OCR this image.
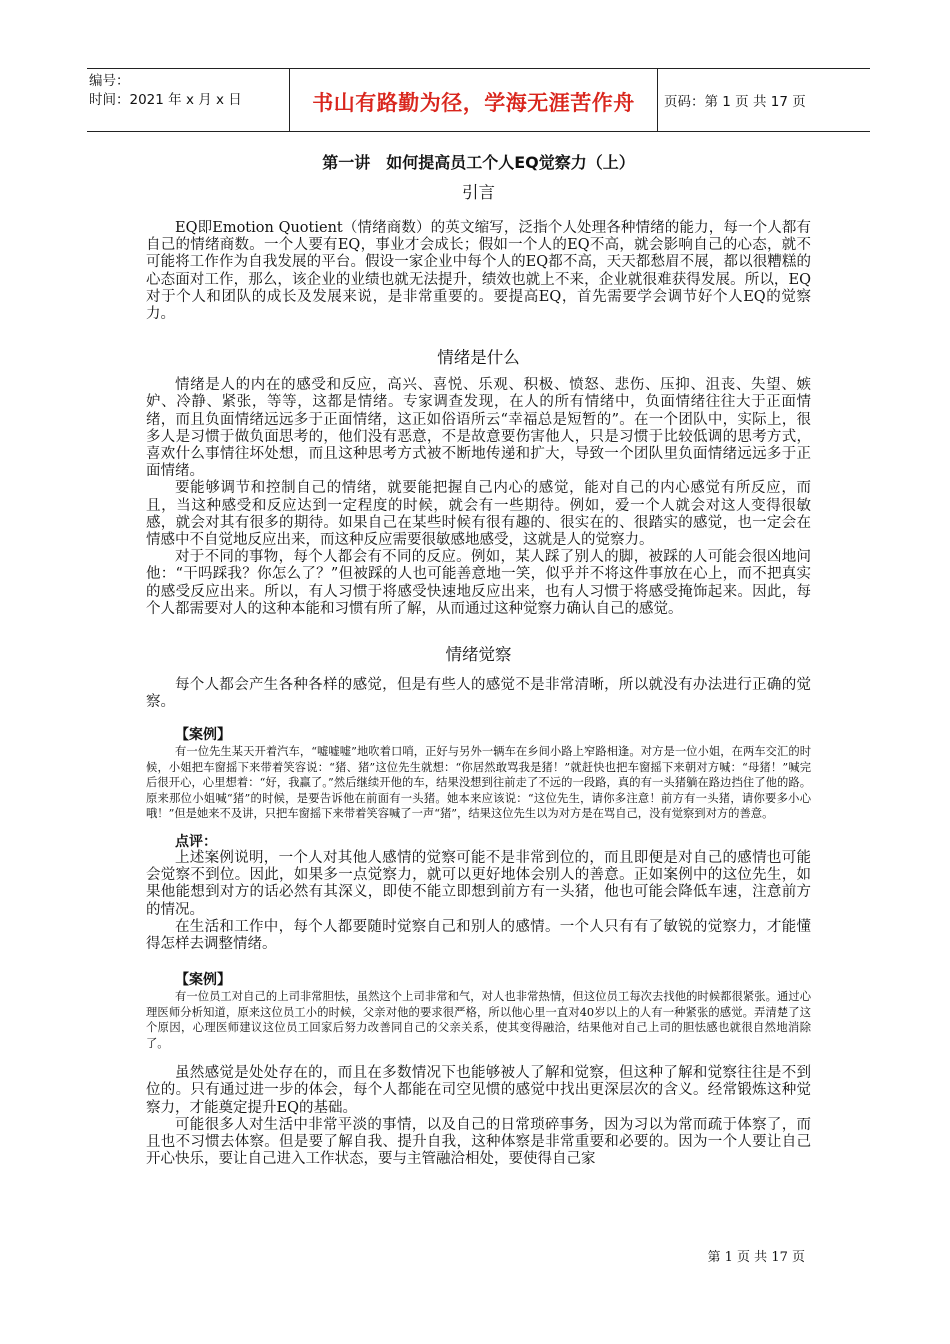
编号：
时间：2021 年 x 月 x 日	书山有路勤为径，学海无涯苦作舟	页码：第 1 页 共 17 页
第一讲　如何提高员工个人EQ觉察力（上）
引言

EQ即Emotion Quotient（情绪商数）的英文缩写，泛指个人处理各种情绪的能力，每一个人都有自己的情绪商数。一个人要有EQ，事业才会成长；假如一个人的EQ不高，就会影响自己的心态，就不可能将工作作为自我发展的平台。假设一家企业中每个人的EQ都不高，天天都愁眉不展，都以很糟糕的心态面对工作，那么，该企业的业绩也就无法提升，绩效也就上不来，企业就很难获得发展。所以，EQ对于个人和团队的成长及发展来说，是非常重要的。要提高EQ，首先需要学会调节好个人EQ的觉察力。

情绪是什么

情绪是人的内在的感受和反应，高兴、喜悦、乐观、积极、愤怒、悲伤、压抑、沮丧、失望、嫉妒、冷静、紧张，等等，这都是情绪。专家调查发现，在人的所有情绪中，负面情绪往往大于正面情绪，而且负面情绪远远多于正面情绪，这正如俗语所云“幸福总是短暂的”。在一个团队中，实际上，很多人是习惯于做负面思考的，他们没有恶意，不是故意要伤害他人，只是习惯于比较低调的思考方式，喜欢什么事情往坏处想，而且这种思考方式被不断地传递和扩大，导致一个团队里负面情绪远远多于正面情绪。

要能够调节和控制自己的情绪，就要能把握自己内心的感觉，能对自己的内心感觉有所反应，而且，当这种感受和反应达到一定程度的时候，就会有一些期待。例如，爱一个人就会对这人变得很敏感，就会对其有很多的期待。如果自己在某些时候有很有趣的、很实在的、很踏实的感觉，也一定会在情感中不自觉地反应出来，而这种反应需要很敏感地感受，这就是人的觉察力。

对于不同的事物，每个人都会有不同的反应。例如，某人踩了别人的脚，被踩的人可能会很凶地问他：“干吗踩我？你怎么了？”但被踩的人也可能善意地一笑，似乎并不将这件事放在心上，而不把真实的感受反应出来。所以，有人习惯于将感受快速地反应出来，也有人习惯于将感受掩饰起来。因此，每个人都需要对人的这种本能和习惯有所了解，从而通过这种觉察力确认自己的感觉。

情绪觉察

每个人都会产生各种各样的感觉，但是有些人的感觉不是非常清晰，所以就没有办法进行正确的觉察。

【案例】

有一位先生某天开着汽车，“嘘嘘嘘”地吹着口哨，正好与另外一辆车在乡间小路上窄路相逢。对方是一位小姐，在两车交汇的时候，小姐把车窗摇下来带着笑容说：“猪、猪”这位先生就想：“你居然敢骂我是猪！”就赶快也把车窗摇下来朝对方喊：“母猪！”喊完后很开心，心里想着：“好，我赢了。”然后继续开他的车，结果没想到往前走了不远的一段路，真的有一头猪躺在路边挡住了他的路。原来那位小姐喊“猪”的时候，是要告诉他在前面有一头猪。她本来应该说：“这位先生，请你多注意！前方有一头猪，请你要多小心哦！”但是她来不及讲，只把车窗摇下来带着笑容喊了一声“猪”，结果这位先生以为对方是在骂自己，没有觉察到对方的善意。

点评：

上述案例说明，一个人对其他人感情的觉察可能不是非常到位的，而且即便是对自己的感情也可能会觉察不到位。因此，如果多一点觉察力，就可以更好地体会别人的善意。正如案例中的这位先生，如果他能想到对方的话必然有其深义，即使不能立即想到前方有一头猪，他也可能会降低车速，注意前方的情况。

在生活和工作中，每个人都要随时觉察自己和别人的感情。一个人只有有了敏锐的觉察力，才能懂得怎样去调整情绪。

【案例】

有一位员工对自己的上司非常胆怯，虽然这个上司非常和气，对人也非常热情，但这位员工每次去找他的时候都很紧张。通过心理医师分析知道，原来这位员工小的时候，父亲对他的要求很严格，所以他心里一直对40岁以上的人有一种紧张的感觉。弄清楚了这个原因，心理医师建议这位员工回家后努力改善同自己的父亲关系，使其变得融洽，结果他对自己上司的胆怯感也就很自然地消除了。

虽然感觉是处处存在的，而且在多数情况下也能够被人了解和觉察，但这种了解和觉察往往是不到位的。只有通过进一步的体会，每个人都能在司空见惯的感觉中找出更深层次的含义。经常锻炼这种觉察力，才能奠定提升EQ的基础。

可能很多人对生活中非常平淡的事情，以及自己的日常琐碎事务，因为习以为常而疏于体察了，而且也不习惯去体察。但是要了解自我、提升自我，这种体察是非常重要和必要的。因为一个人要让自己开心快乐，要让自己进入工作状态，要与主管融洽相处，要使得自己家

第 1 页 共 17 页
